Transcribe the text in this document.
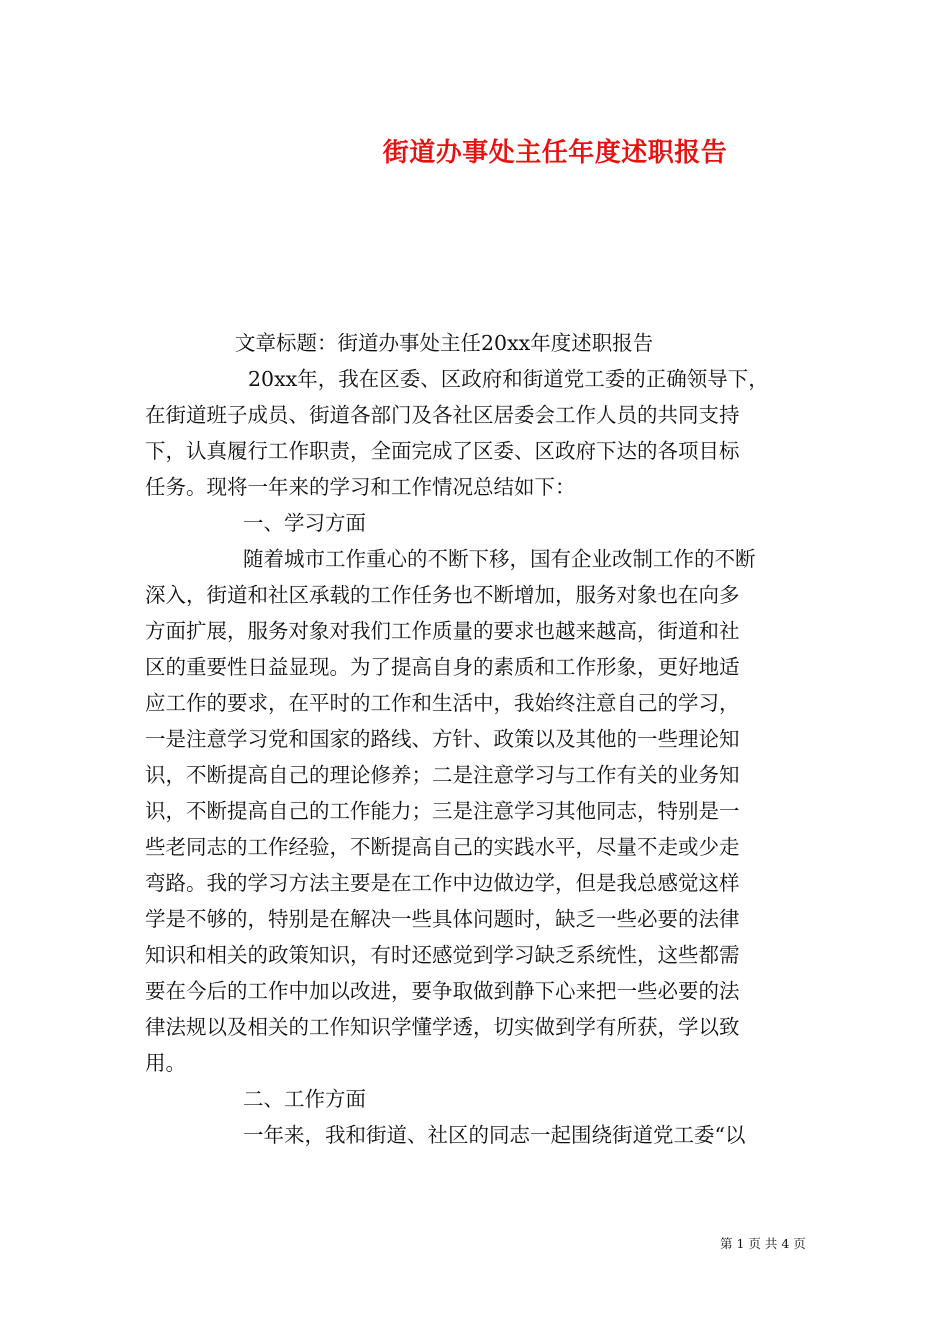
街道办事处主任年度述职报告
文章标题：街道办事处主任20xx年度述职报告
20xx年，我在区委、区政府和街道党工委的正确领导下，
在街道班子成员、街道各部门及各社区居委会工作人员的共同支持
下，认真履行工作职责，全面完成了区委、区政府下达的各项目标
任务。现将一年来的学习和工作情况总结如下：
一、学习方面
随着城市工作重心的不断下移，国有企业改制工作的不断
深入，街道和社区承载的工作任务也不断增加，服务对象也在向多
方面扩展，服务对象对我们工作质量的要求也越来越高，街道和社
区的重要性日益显现。为了提高自身的素质和工作形象，更好地适
应工作的要求，在平时的工作和生活中，我始终注意自己的学习，
一是注意学习党和国家的路线、方针、政策以及其他的一些理论知
识，不断提高自己的理论修养；二是注意学习与工作有关的业务知
识，不断提高自己的工作能力；三是注意学习其他同志，特别是一
些老同志的工作经验，不断提高自己的实践水平，尽量不走或少走
弯路。我的学习方法主要是在工作中边做边学，但是我总感觉这样
学是不够的，特别是在解决一些具体问题时，缺乏一些必要的法律
知识和相关的政策知识，有时还感觉到学习缺乏系统性，这些都需
要在今后的工作中加以改进，要争取做到静下心来把一些必要的法
律法规以及相关的工作知识学懂学透，切实做到学有所获，学以致
用。
二、工作方面
一年来，我和街道、社区的同志一起围绕街道党工委“以
第 1 页 共 4 页
